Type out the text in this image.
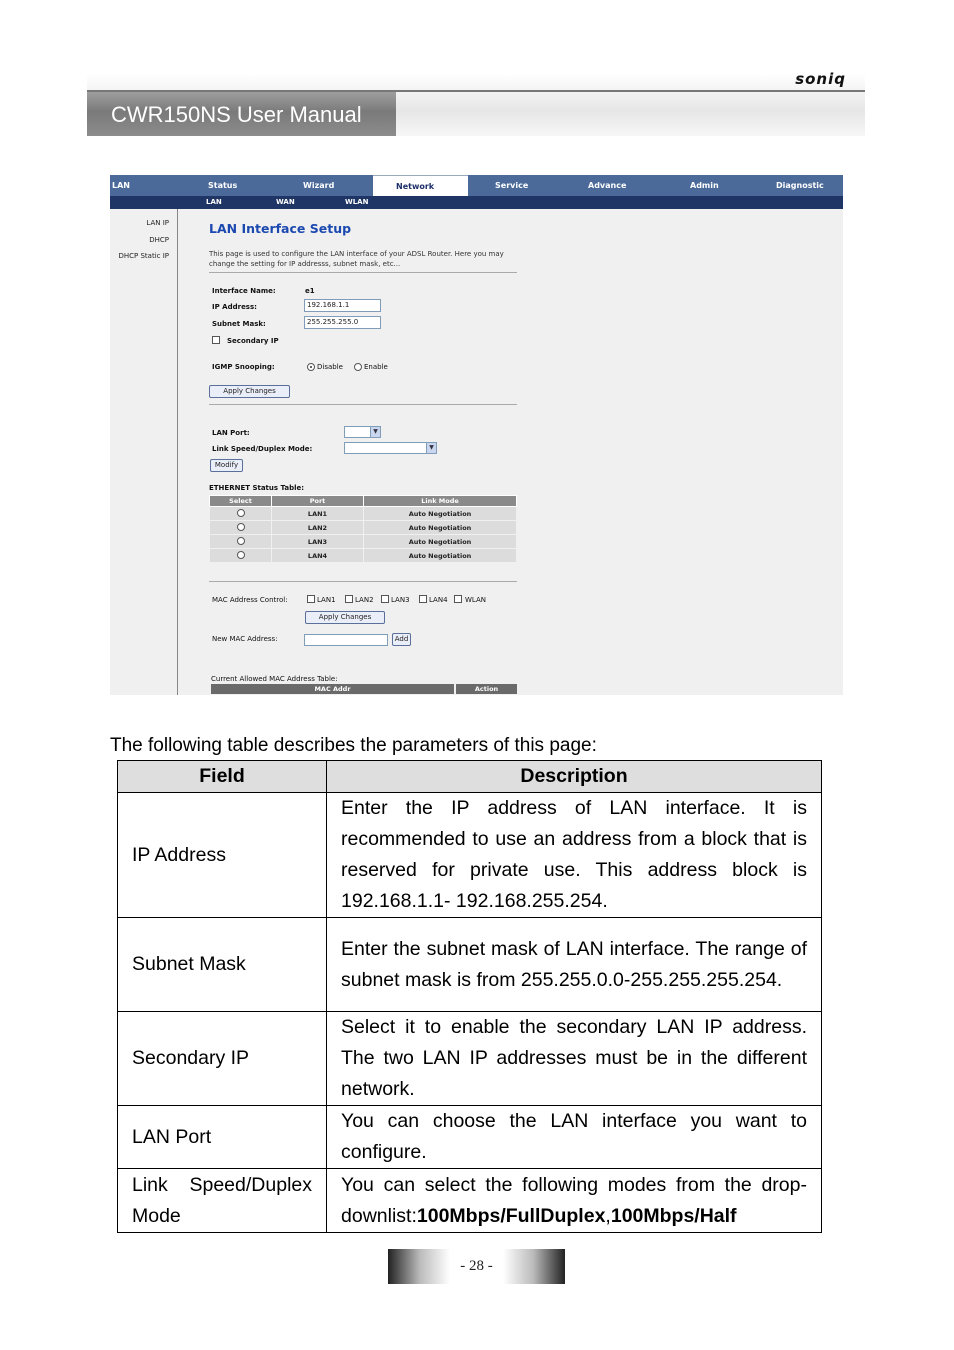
soniq
CWR150NS User Manual
LAN	Status	Wizard	Network	Service	Advance	Admin	Diagnostic
LAN	WAN	WLAN
LAN IP
DHCP
DHCP Static IP
LAN Interface Setup
This page is used to configure the LAN interface of your ADSL Router. Here you may change the setting for IP addresss, subnet mask, etc...
Interface Name:	e1
IP Address:	192.168.1.1
Subnet Mask:	255.255.255.0
Secondary IP
IGMP Snooping:	Disable	Enable
Apply Changes
LAN Port:	▼
Link Speed/Duplex Mode:	▼
Modify
ETHERNET Status Table:
Select	Port	Link Mode
	LAN1	Auto Negotiation
	LAN2	Auto Negotiation
	LAN3	Auto Negotiation
	LAN4	Auto Negotiation
MAC Address Control:	LAN1	LAN2 LAN3	LAN4 WLAN
Apply Changes
New MAC Address:	Add
Current Allowed MAC Address Table:
MAC Addr	Action
The following table describes the parameters of this page:
Field	Description
IP Address	Enter the IP address of LAN interface. It is recommended to use an address from a block that is reserved for private use. This address block is 192.168.1.1- 192.168.255.254.
Subnet Mask	Enter the subnet mask of LAN interface. The range of subnet mask is from 255.255.0.0-255.255.255.254.
Secondary IP	Select it to enable the secondary LAN IP address. The two LAN IP addresses must be in the different network.
LAN Port	You can choose the LAN interface you want to configure.
Link Speed/Duplex Mode	You can select the following modes from the drop-downlist:100Mbps/FullDuplex,100Mbps/Half
- 28 -
